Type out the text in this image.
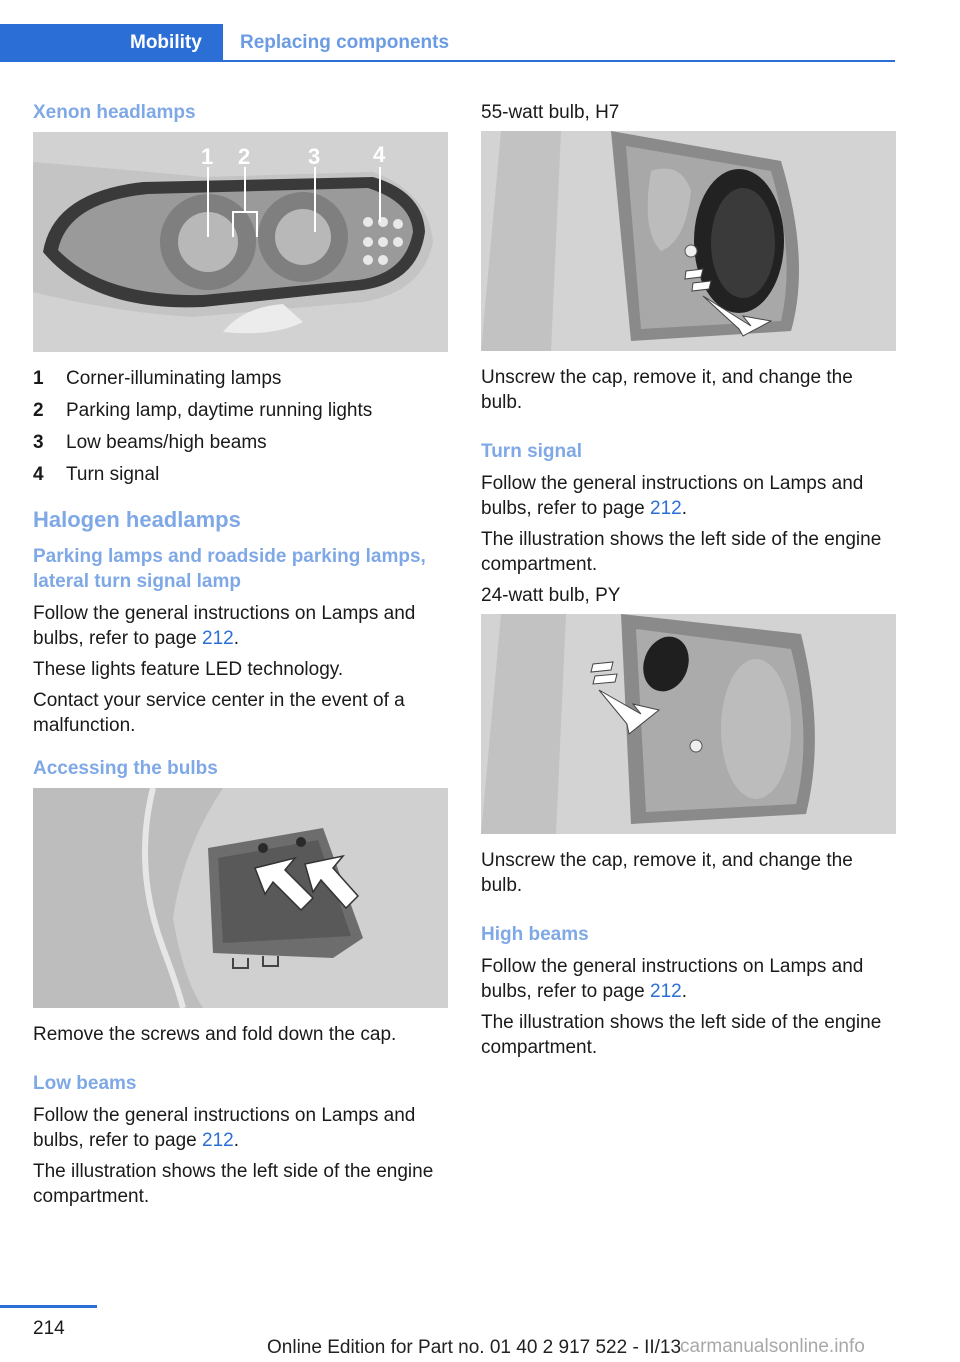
Mobility	Replacing components
Xenon headlamps
1 2	3 4
1	Corner-illuminating lamps
2	Parking lamp, daytime running lights
3	Low beams/high beams
4	Turn signal
Halogen headlamps
Parking lamps and roadside parking lamps, lateral turn signal lamp

Follow the general instructions on Lamps and bulbs, refer to page 212.

These lights feature LED technology.

Contact your service center in the event of a malfunction.

Accessing the bulbs

Remove the screws and fold down the cap.

Low beams

Follow the general instructions on Lamps and bulbs, refer to page 212.

The illustration shows the left side of the engine compartment.

55-watt bulb, H7

Unscrew the cap, remove it, and change the bulb.

Turn signal

Follow the general instructions on Lamps and bulbs, refer to page 212.

The illustration shows the left side of the engine compartment.

24-watt bulb, PY

Unscrew the cap, remove it, and change the bulb.

High beams

Follow the general instructions on Lamps and bulbs, refer to page 212.

The illustration shows the left side of the engine compartment.

214
Online Edition for Part no. 01 40 2 917 522 - II/13
carmanualsonline.info
